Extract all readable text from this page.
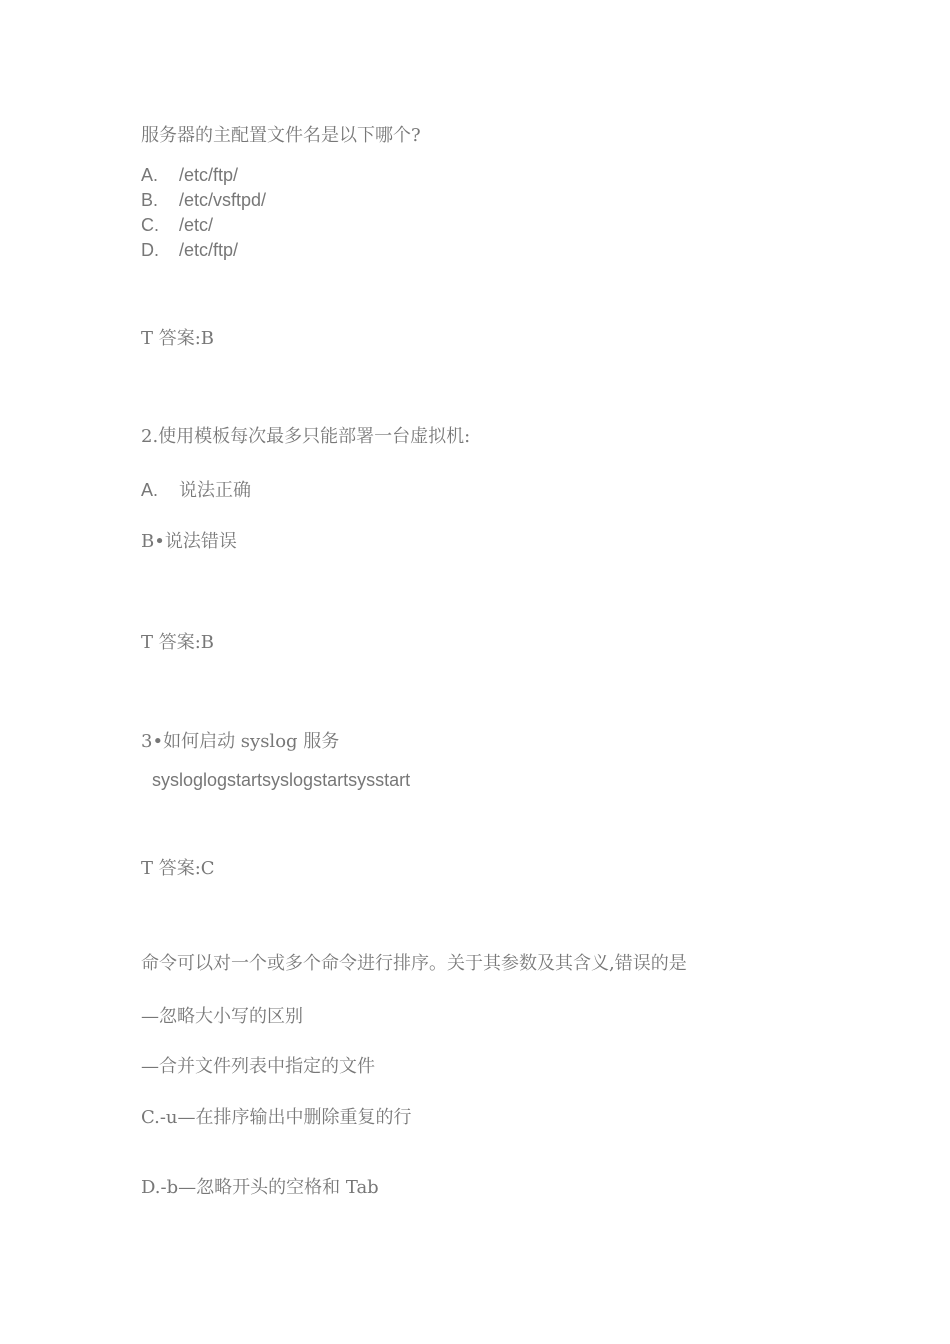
服务器的主配置文件名是以下哪个?
A. /etc/ftp/
B. /etc/vsftpd/
C. /etc/
D. /etc/ftp/
T 答案:B
2.使用模板每次最多只能部署一台虚拟机:
A. 说法正确
B•说法错误
T 答案:B
3•如何启动 syslog 服务
sysloglogstartsyslogstartsysstart
T 答案:C
命令可以对一个或多个命令进行排序。关于其参数及其含义,错误的是
—忽略大小写的区别
—合并文件列表中指定的文件
C.-u—在排序输出中删除重复的行
D.-b—忽略开头的空格和 Tab
